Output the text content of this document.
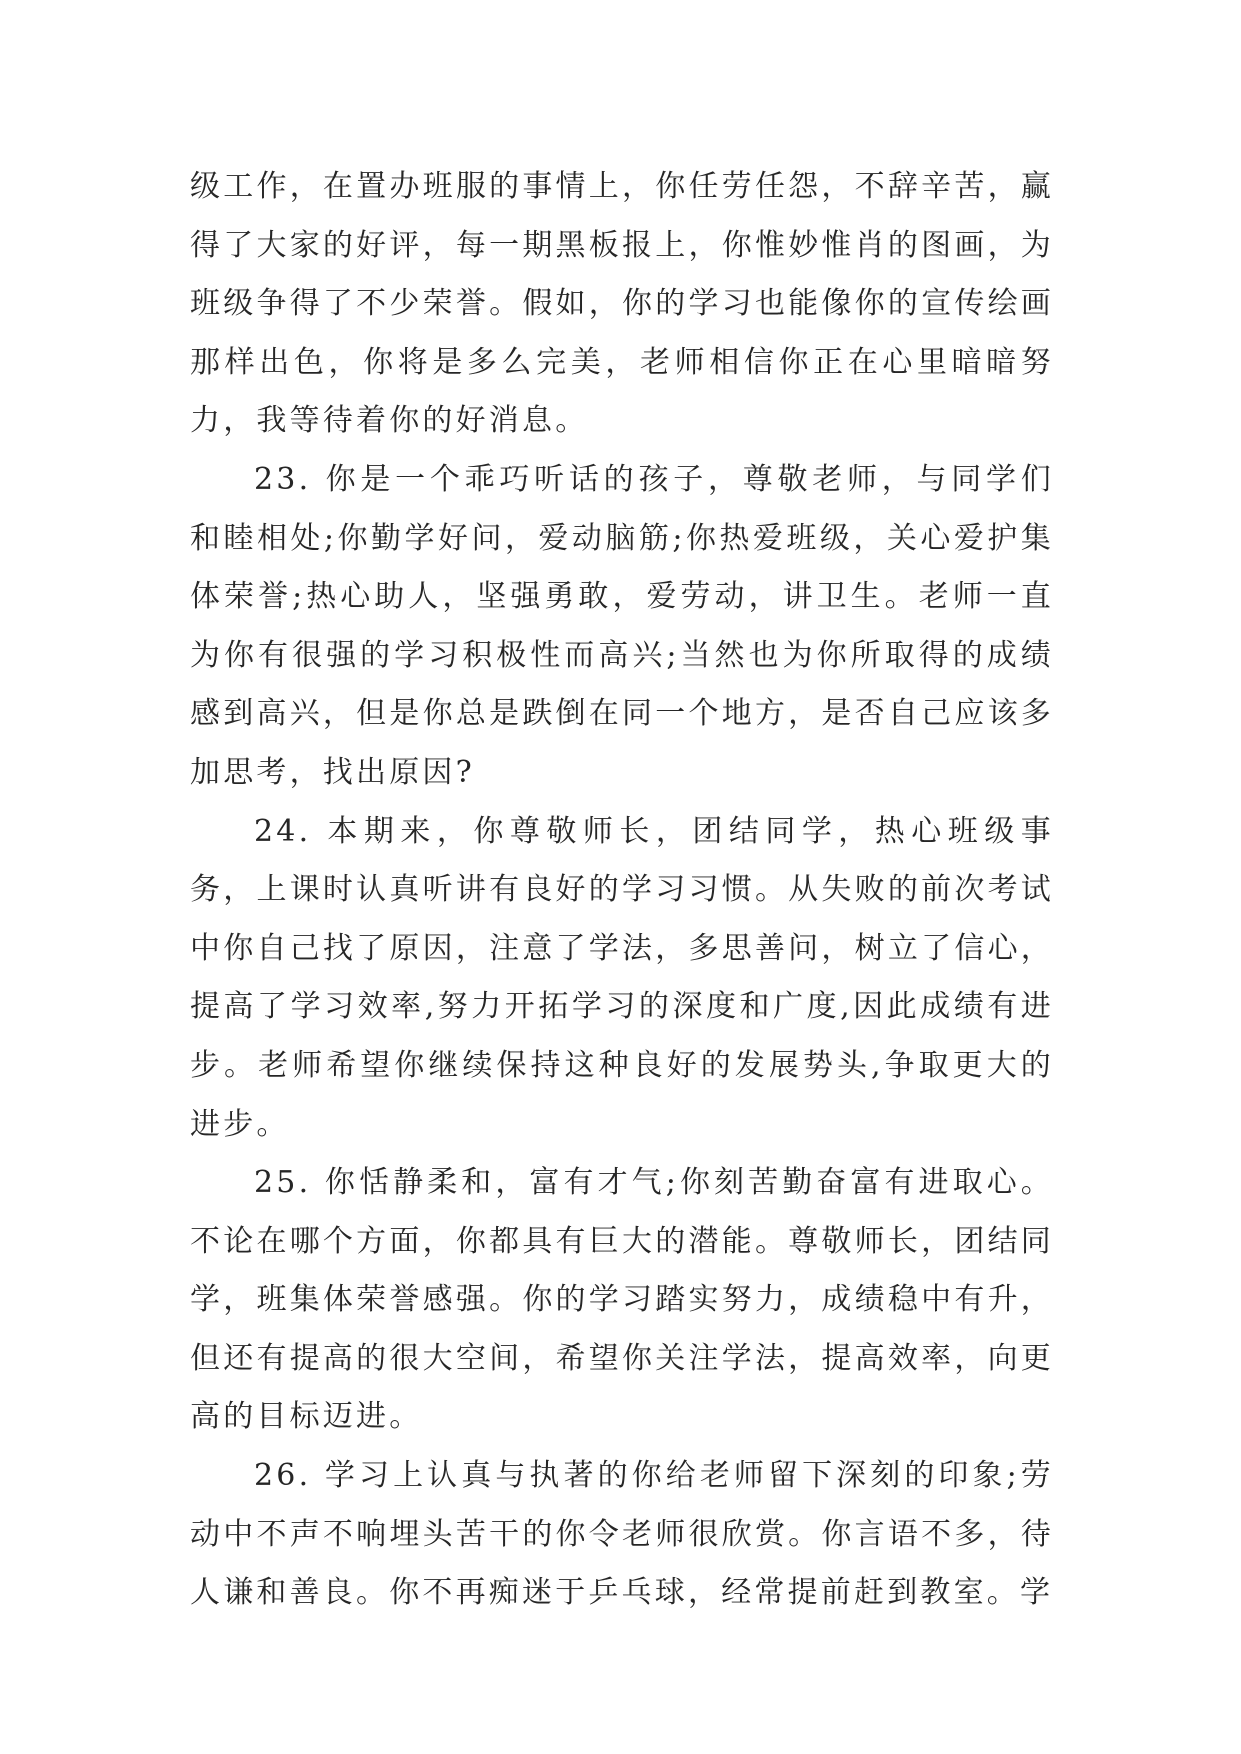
级工作，在置办班服的事情上，你任劳任怨，不辞辛苦，赢得了大家的好评，每一期黑板报上，你惟妙惟肖的图画，为班级争得了不少荣誉。假如，你的学习也能像你的宣传绘画那样出色，你将是多么完美，老师相信你正在心里暗暗努力，我等待着你的好消息。

23. 你是一个乖巧听话的孩子，尊敬老师，与同学们和睦相处;你勤学好问，爱动脑筋;你热爱班级，关心爱护集体荣誉;热心助人，坚强勇敢，爱劳动，讲卫生。老师一直为你有很强的学习积极性而高兴;当然也为你所取得的成绩感到高兴，但是你总是跌倒在同一个地方，是否自己应该多加思考，找出原因?

24. 本期来，你尊敬师长，团结同学，热心班级事务，上课时认真听讲有良好的学习习惯。从失败的前次考试中你自己找了原因，注意了学法，多思善问，树立了信心，提高了学习效率,努力开拓学习的深度和广度,因此成绩有进步。老师希望你继续保持这种良好的发展势头,争取更大的进步。

25. 你恬静柔和，富有才气;你刻苦勤奋富有进取心。不论在哪个方面，你都具有巨大的潜能。尊敬师长，团结同学，班集体荣誉感强。你的学习踏实努力，成绩稳中有升，但还有提高的很大空间，希望你关注学法，提高效率，向更高的目标迈进。

26. 学习上认真与执著的你给老师留下深刻的印象;劳动中不声不响埋头苦干的你令老师很欣赏。你言语不多，待人谦和善良。你不再痴迷于乒乓球，经常提前赶到教室。学
